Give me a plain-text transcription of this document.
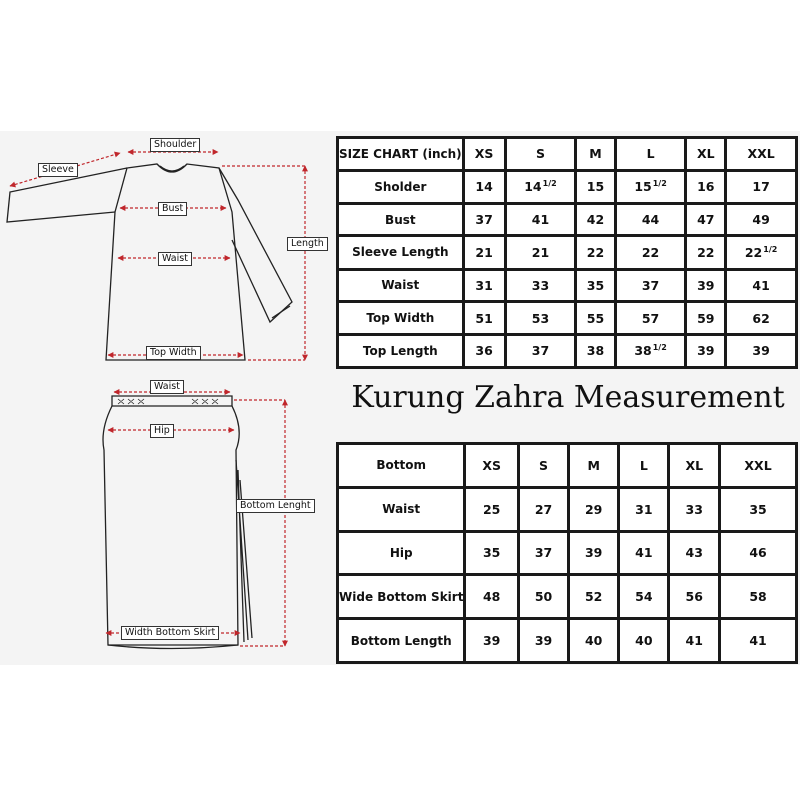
Sleeve
Shoulder
Bust
Waist
Length
Top Width
Waist
Hip
Bottom Lenght
Width Bottom Skirt
SIZE CHART (inch)	XS	S	M	L	XL	XXL
Sholder	14	$14^{1/2}$	15	$15^{1/2}$	16	17
Bust	37	41	42	44	47	49
Sleeve Length	21	21	22	22	22	$22^{1/2}$
Waist	31	33	35	37	39	41
Top Width	51	53	55	57	59	62
Top Length	36	37	38	$38^{1/2}$	39	39
Kurung Zahra Measurement
Bottom	XS	S	M	L	XL	XXL
Waist	25	27	29	31	33	35
Hip	35	37	39	41	43	46
Wide Bottom Skirt	48	50	52	54	56	58
Bottom Length	39	39	40	40	41	41
